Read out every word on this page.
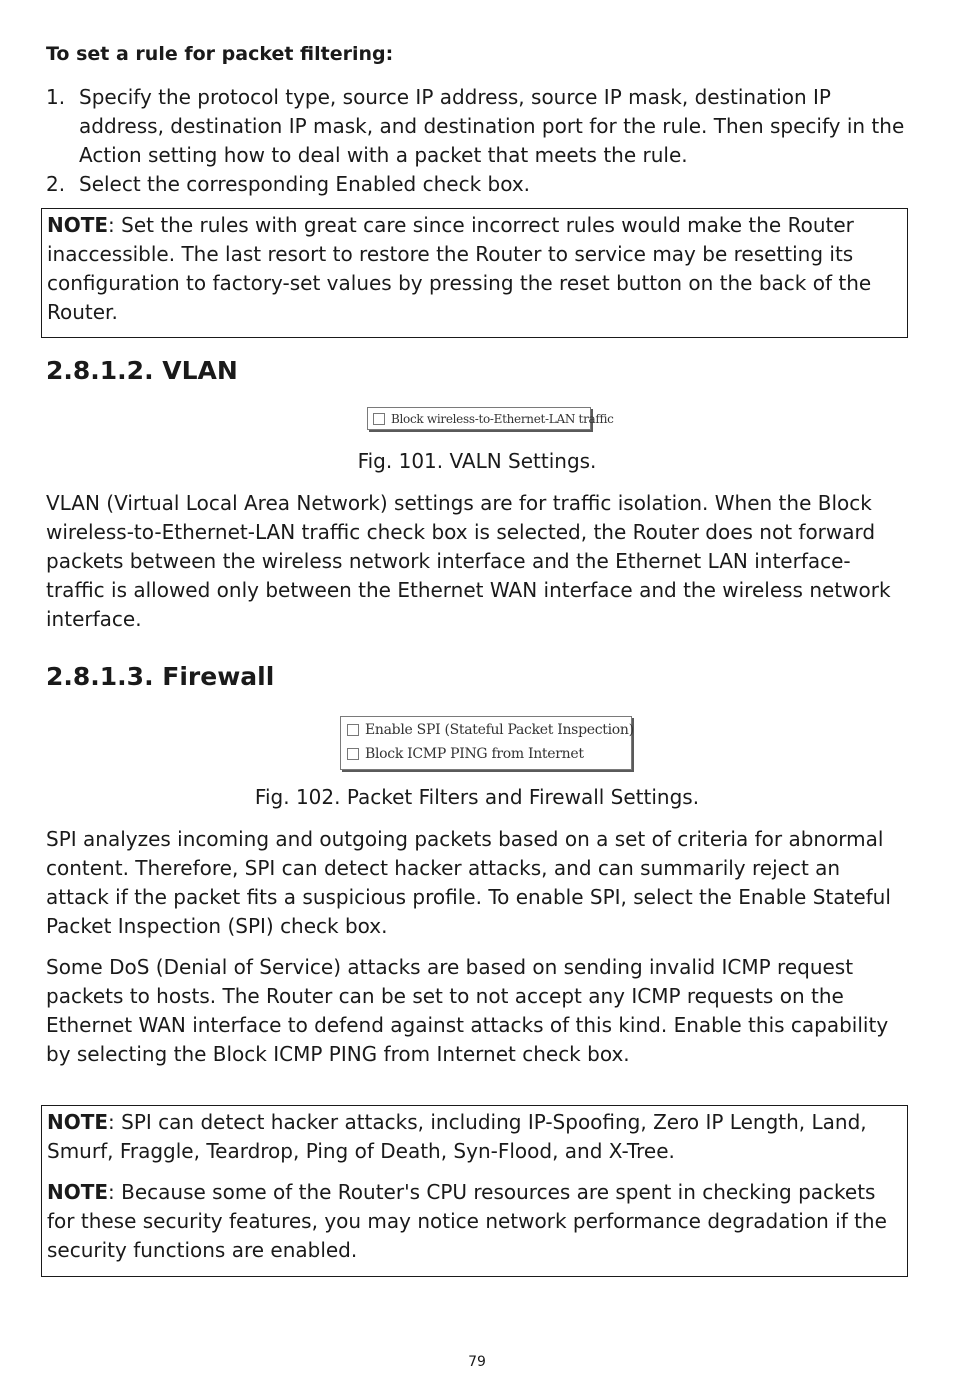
To set a rule for packet filtering:
1. Specify the protocol type, source IP address, source IP mask, destination IP address, destination IP mask, and destination port for the rule. Then specify in the Action setting how to deal with a packet that meets the rule.
2. Select the corresponding Enabled check box.
NOTE: Set the rules with great care since incorrect rules would make the Router inaccessible. The last resort to restore the Router to service may be resetting its configuration to factory-set values by pressing the reset button on the back of the Router.
2.8.1.2. VLAN
Block wireless-to-Ethernet-LAN traffic
Fig. 101. VALN Settings.
VLAN (Virtual Local Area Network) settings are for traffic isolation. When the Block wireless-to-Ethernet-LAN traffic check box is selected, the Router does not forward packets between the wireless network interface and the Ethernet LAN interface-traffic is allowed only between the Ethernet WAN interface and the wireless network interface.
2.8.1.3. Firewall
Enable SPI (Stateful Packet Inspection)
Block ICMP PING from Internet
Fig. 102. Packet Filters and Firewall Settings.
SPI analyzes incoming and outgoing packets based on a set of criteria for abnormal content. Therefore, SPI can detect hacker attacks, and can summarily reject an attack if the packet fits a suspicious profile. To enable SPI, select the Enable Stateful Packet Inspection (SPI) check box.
Some DoS (Denial of Service) attacks are based on sending invalid ICMP request packets to hosts. The Router can be set to not accept any ICMP requests on the Ethernet WAN interface to defend against attacks of this kind. Enable this capability by selecting the Block ICMP PING from Internet check box.
NOTE: SPI can detect hacker attacks, including IP-Spoofing, Zero IP Length, Land, Smurf, Fraggle, Teardrop, Ping of Death, Syn-Flood, and X-Tree.
NOTE: Because some of the Router's CPU resources are spent in checking packets for these security features, you may notice network performance degradation if the security functions are enabled.
79
